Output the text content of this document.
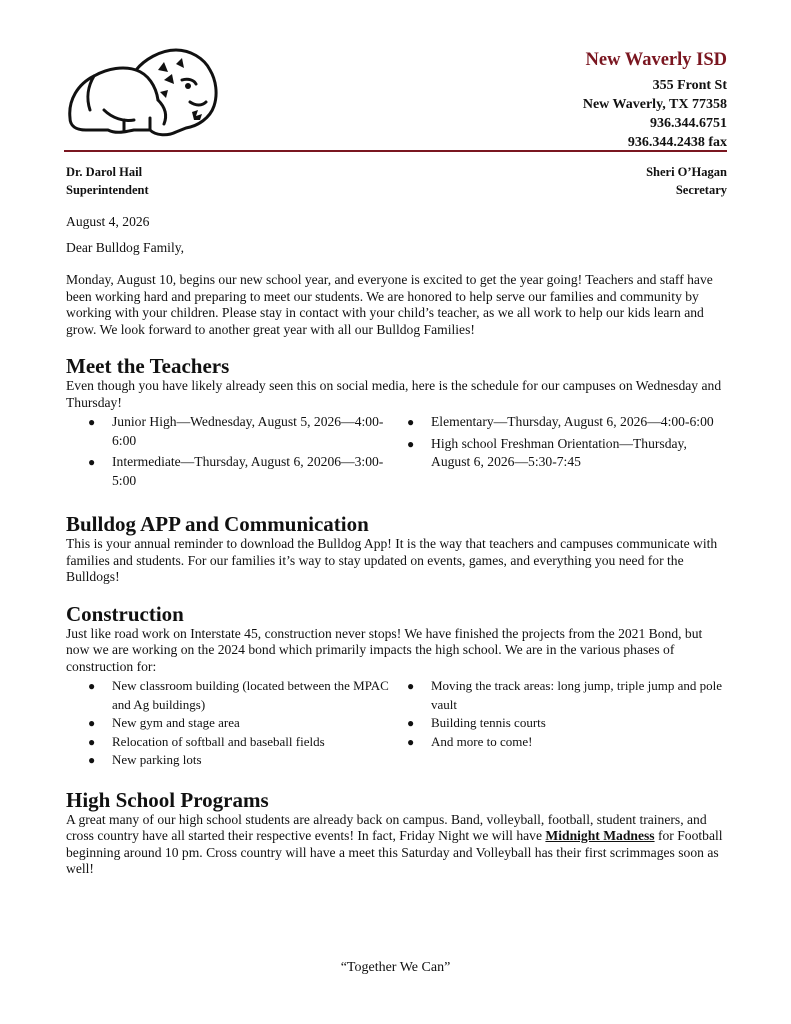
New Waverly ISD
355 Front St
New Waverly, TX 77358
936.344.6751
936.344.2438 fax
Dr. Darol Hail
Superintendent
Sheri O’Hagan
Secretary

August 4, 2026

Dear Bulldog Family,

Monday, August 10, begins our new school year, and everyone is excited to get the year going! Teachers and staff have been working hard and preparing to meet our students. We are honored to help serve our families and community by working with your children. Please stay in contact with your child’s teacher, as we all work to help our kids learn and grow. We look forward to another great year with all our Bulldog Families!

Meet the Teachers

Even though you have likely already seen this on social media, here is the schedule for our campuses on Wednesday and Thursday!

● Junior High—Wednesday, August 5, 2026—4:00-6:00
● Intermediate—Thursday, August 6, 20206—3:00-5:00
● Elementary—Thursday, August 6, 2026—4:00-6:00
● High school Freshman Orientation—Thursday, August 6, 2026—5:30-7:45
Bulldog APP and Communication

This is your annual reminder to download the Bulldog App! It is the way that teachers and campuses communicate with families and students. For our families it’s way to stay updated on events, games, and everything you need for the Bulldogs!

Construction

Just like road work on Interstate 45, construction never stops! We have finished the projects from the 2021 Bond, but now we are working on the 2024 bond which primarily impacts the high school. We are in the various phases of construction for:

● New classroom building (located between the MPAC and Ag buildings)
● New gym and stage area
● Relocation of softball and baseball fields
● New parking lots
● Moving the track areas: long jump, triple jump and pole vault
● Building tennis courts
● And more to come!
High School Programs

A great many of our high school students are already back on campus. Band, volleyball, football, student trainers, and cross country have all started their respective events! In fact, Friday Night we will have Midnight Madness for Football beginning around 10 pm. Cross country will have a meet this Saturday and Volleyball has their first scrimmages soon as well!

“Together We Can”
